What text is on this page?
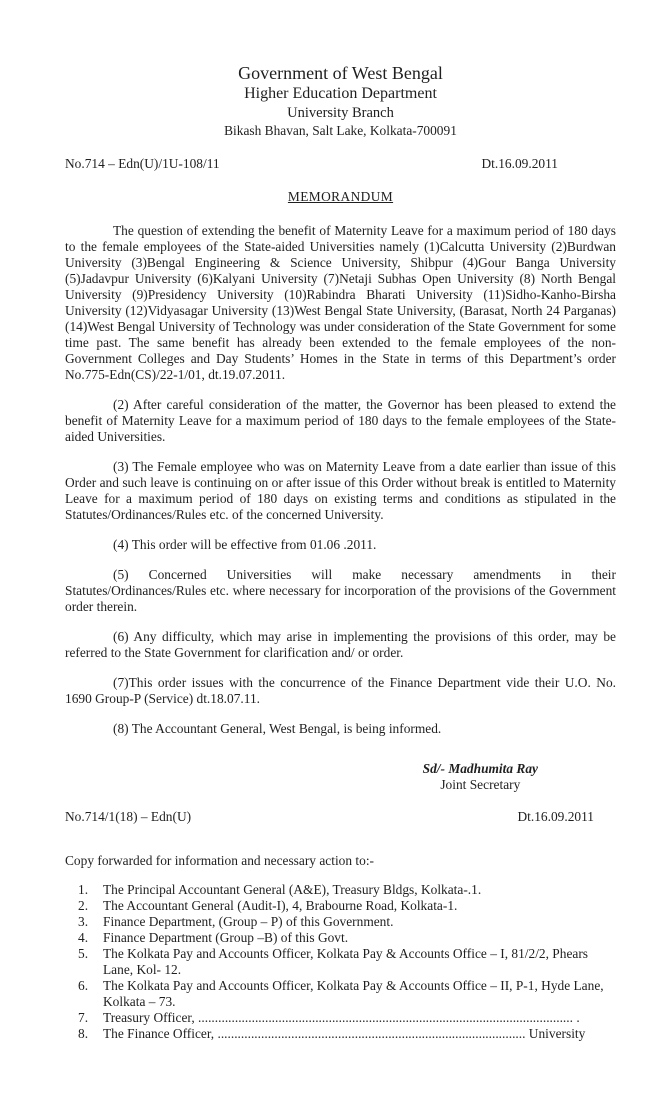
Government of West Bengal
Higher Education Department
University Branch
Bikash Bhavan, Salt Lake, Kolkata-700091
No.714 – Edn(U)/1U-108/11	Dt.16.09.2011
MEMORANDUM

The question of extending the benefit of Maternity Leave for a maximum period of 180 days to the female employees of the State-aided Universities namely (1)Calcutta University (2)Burdwan University (3)Bengal Engineering & Science University, Shibpur (4)Gour Banga University (5)Jadavpur University (6)Kalyani University (7)Netaji Subhas Open University (8) North Bengal University (9)Presidency University (10)Rabindra Bharati University (11)Sidho-Kanho-Birsha University (12)Vidyasagar University (13)West Bengal State University, (Barasat, North 24 Parganas) (14)West Bengal University of Technology was under consideration of the State Government for some time past. The same benefit has already been extended to the female employees of the non-Government Colleges and Day Students’ Homes in the State in terms of this Department’s order No.775-Edn(CS)/22-1/01, dt.19.07.2011.

(2) After careful consideration of the matter, the Governor has been pleased to extend the benefit of Maternity Leave for a maximum period of 180 days to the female employees of the State-aided Universities.

(3) The Female employee who was on Maternity Leave from a date earlier than issue of this Order and such leave is continuing on or after issue of this Order without break is entitled to Maternity Leave for a maximum period of 180 days on existing terms and conditions as stipulated in the Statutes/Ordinances/Rules etc. of the concerned University.

(4) This order will be effective from 01.06 .2011.

(5) Concerned Universities will make necessary amendments in their Statutes/Ordinances/Rules etc. where necessary for incorporation of the provisions of the Government order therein.

(6) Any difficulty, which may arise in implementing the provisions of this order, may be referred to the State Government for clarification and/ or order.

(7)This order issues with the concurrence of the Finance Department vide their U.O. No. 1690 Group-P (Service) dt.18.07.11.

(8) The Accountant General, West Bengal, is being informed.

Sd/- Madhumita Ray
Joint Secretary
No.714/1(18) – Edn(U)	Dt.16.09.2011
Copy forwarded for information and necessary action to:-
1.	The Principal Accountant General (A&E), Treasury Bldgs, Kolkata-.1.
2.	The Accountant General (Audit-I), 4, Brabourne Road, Kolkata-1.
3.	Finance Department, (Group – P) of this Government.
4.	Finance Department (Group –B) of this Govt.
5.	The Kolkata Pay and Accounts Officer, Kolkata Pay & Accounts Office – I, 81/2/2, Phears Lane, Kol- 12.
6.	The Kolkata Pay and Accounts Officer, Kolkata Pay & Accounts Office – II, P-1, Hyde Lane, Kolkata – 73.
7.	Treasury Officer, ................................................................................................................ .
8.	The Finance Officer, ............................................................................................ University
